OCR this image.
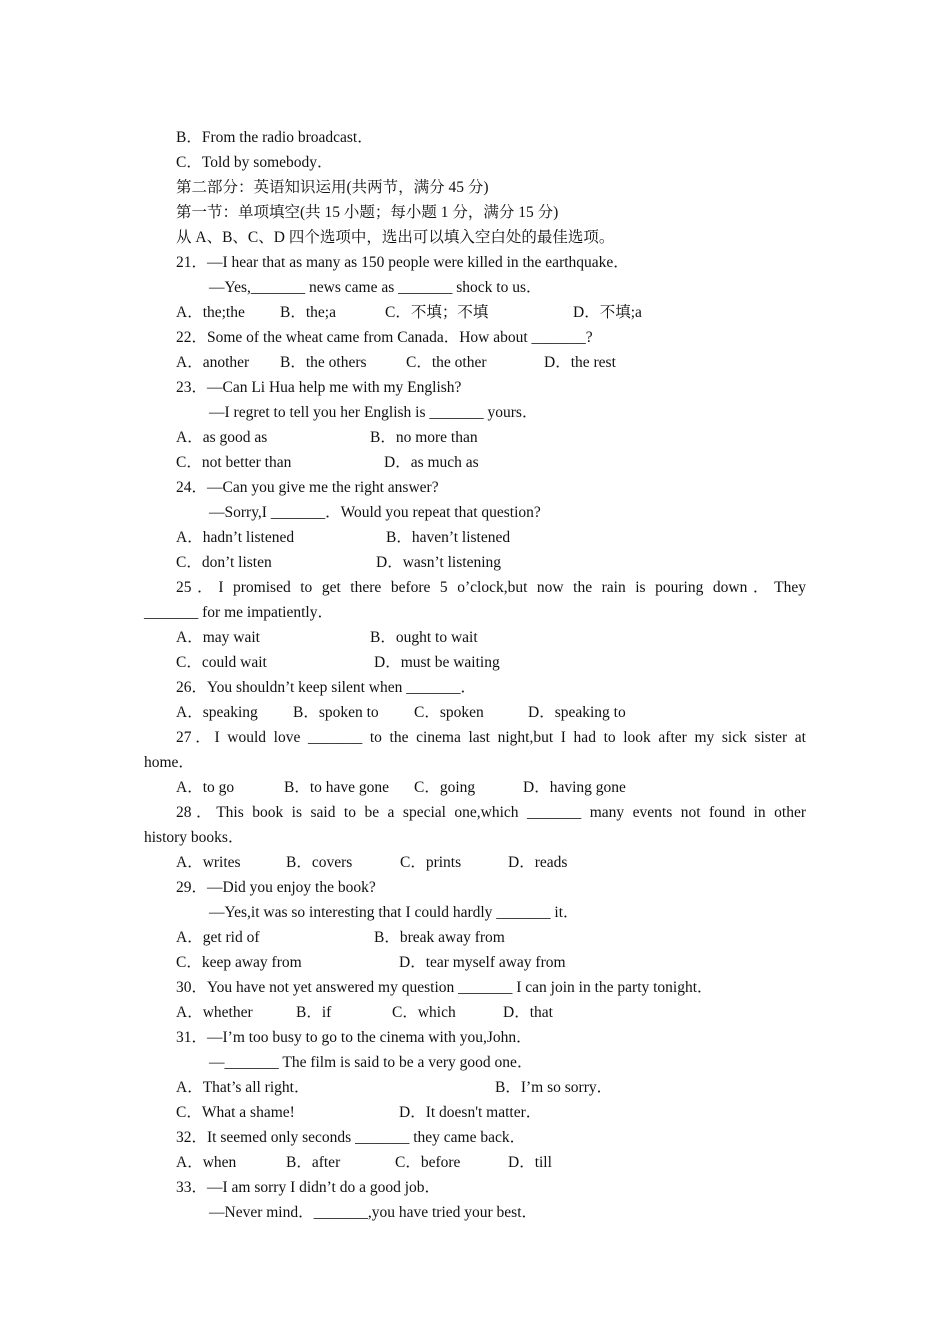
B．From the radio broadcast．
C．Told by somebody．
第二部分：英语知识运用(共两节，满分 45 分)
第一节：单项填空(共 15 小题；每小题 1 分，满分 15 分)
从 A、B、C、D 四个选项中，选出可以填入空白处的最佳选项。
21．—I hear that as many as 150 people were killed in the earthquake．
—Yes,_______ news came as _______ shock to us．

A．the;the

B．the;a

	C．不填；不填

	D．不填;a

22．Some of the wheat came from Canada．How about _______?

A．another

B．the others

	C．the other

	D．the rest

23．—Can Li Hua help me with my English?
—I regret to tell you her English is _______ yours．

A．as good as

	B．no more than

C．not better than

	D．as much as

24．—Can you give me the right answer?
—Sorry,I _______．Would you repeat that question?

A．hadn’t listened

	B．haven’t listened

C．don’t listen

	D．wasn’t listening

25．I promised to get there before 5 o’clock,but now the rain is pouring down．They
_______ for me impatiently．

A．may wait

	B．ought to wait

C．could wait

	D．must be waiting

26．You shouldn’t keep silent when _______．

A．speaking

B．spoken to

C．spoken

	D．speaking to

27．I would love _______ to the cinema last night,but I had to look after my sick sister at
home．

A．to go

	B．to have gone

C．going

	D．having gone

28．This book is said to be a special one,which _______ many events not found in other
history books．

A．writes

	B．covers

	C．prints

	D．reads

29．—Did you enjoy the book?
—Yes,it was so interesting that I could hardly _______ it．

A．get rid of

	B．break away from

C．keep away from

	D．tear myself away from

30．You have not yet answered my question _______ I can join in the party tonight．

A．whether

	B．if

	C．which

	D．that

31．—I’m too busy to go to the cinema with you,John．
—_______ The film is said to be a very good one．

A．That’s all right．

	B．I’m so sorry．

C．What a shame!

	D．It doesn't matter．

32．It seemed only seconds _______ they came back．

A．when

	B．after

	C．before

	D．till

33．—I am sorry I didn’t do a good job．
—Never mind．_______,you have tried your best．
